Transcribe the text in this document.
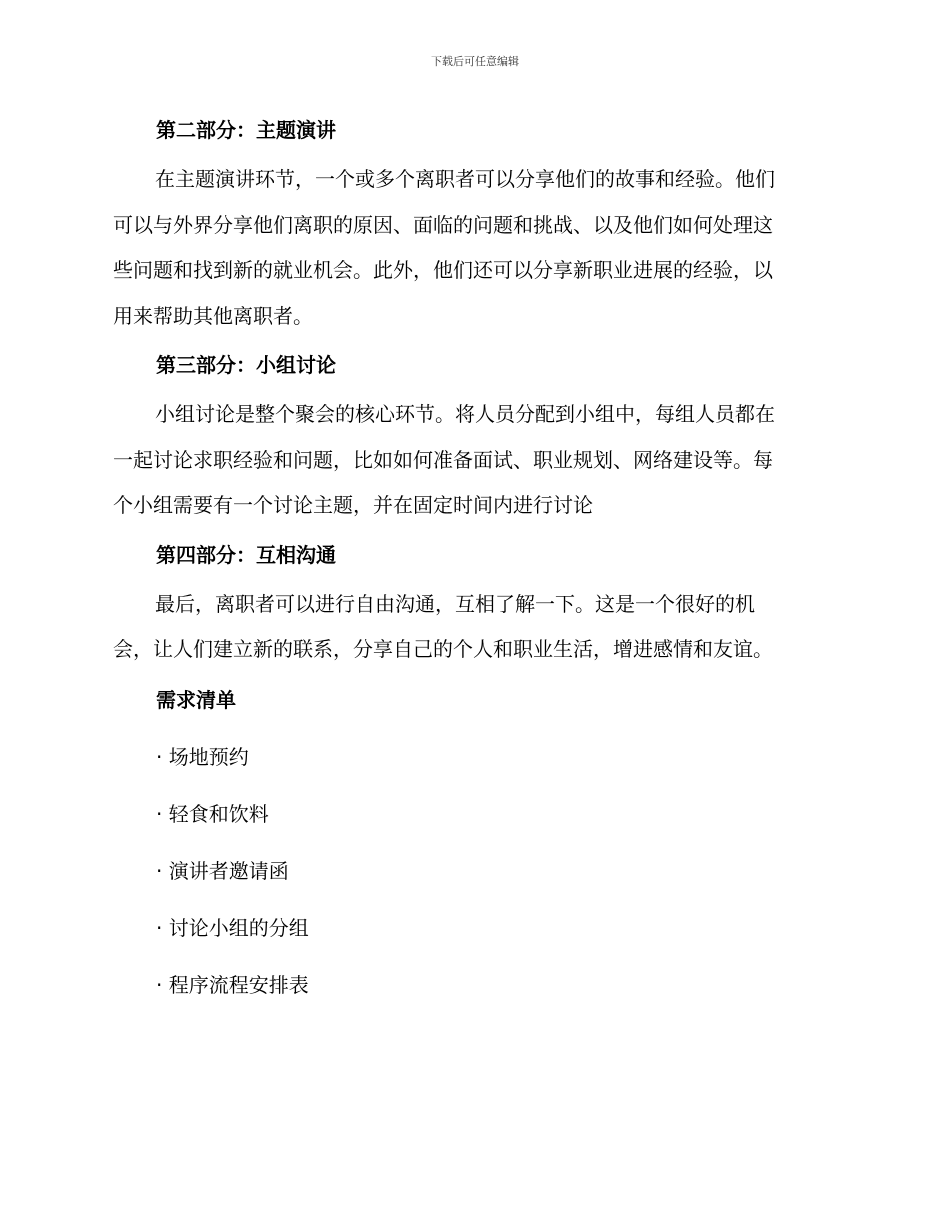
下载后可任意编辑
第二部分：主题演讲
在主题演讲环节，一个或多个离职者可以分享他们的故事和经验。他们
可以与外界分享他们离职的原因、面临的问题和挑战、以及他们如何处理这
些问题和找到新的就业机会。此外，他们还可以分享新职业进展的经验，以
用来帮助其他离职者。
第三部分：小组讨论
小组讨论是整个聚会的核心环节。将人员分配到小组中，每组人员都在
一起讨论求职经验和问题，比如如何准备面试、职业规划、网络建设等。每
个小组需要有一个讨论主题，并在固定时间内进行讨论
第四部分：互相沟通
最后，离职者可以进行自由沟通，互相了解一下。这是一个很好的机
会，让人们建立新的联系，分享自己的个人和职业生活，增进感情和友谊。
需求清单
· 场地预约
· 轻食和饮料
· 演讲者邀请函
· 讨论小组的分组
· 程序流程安排表
